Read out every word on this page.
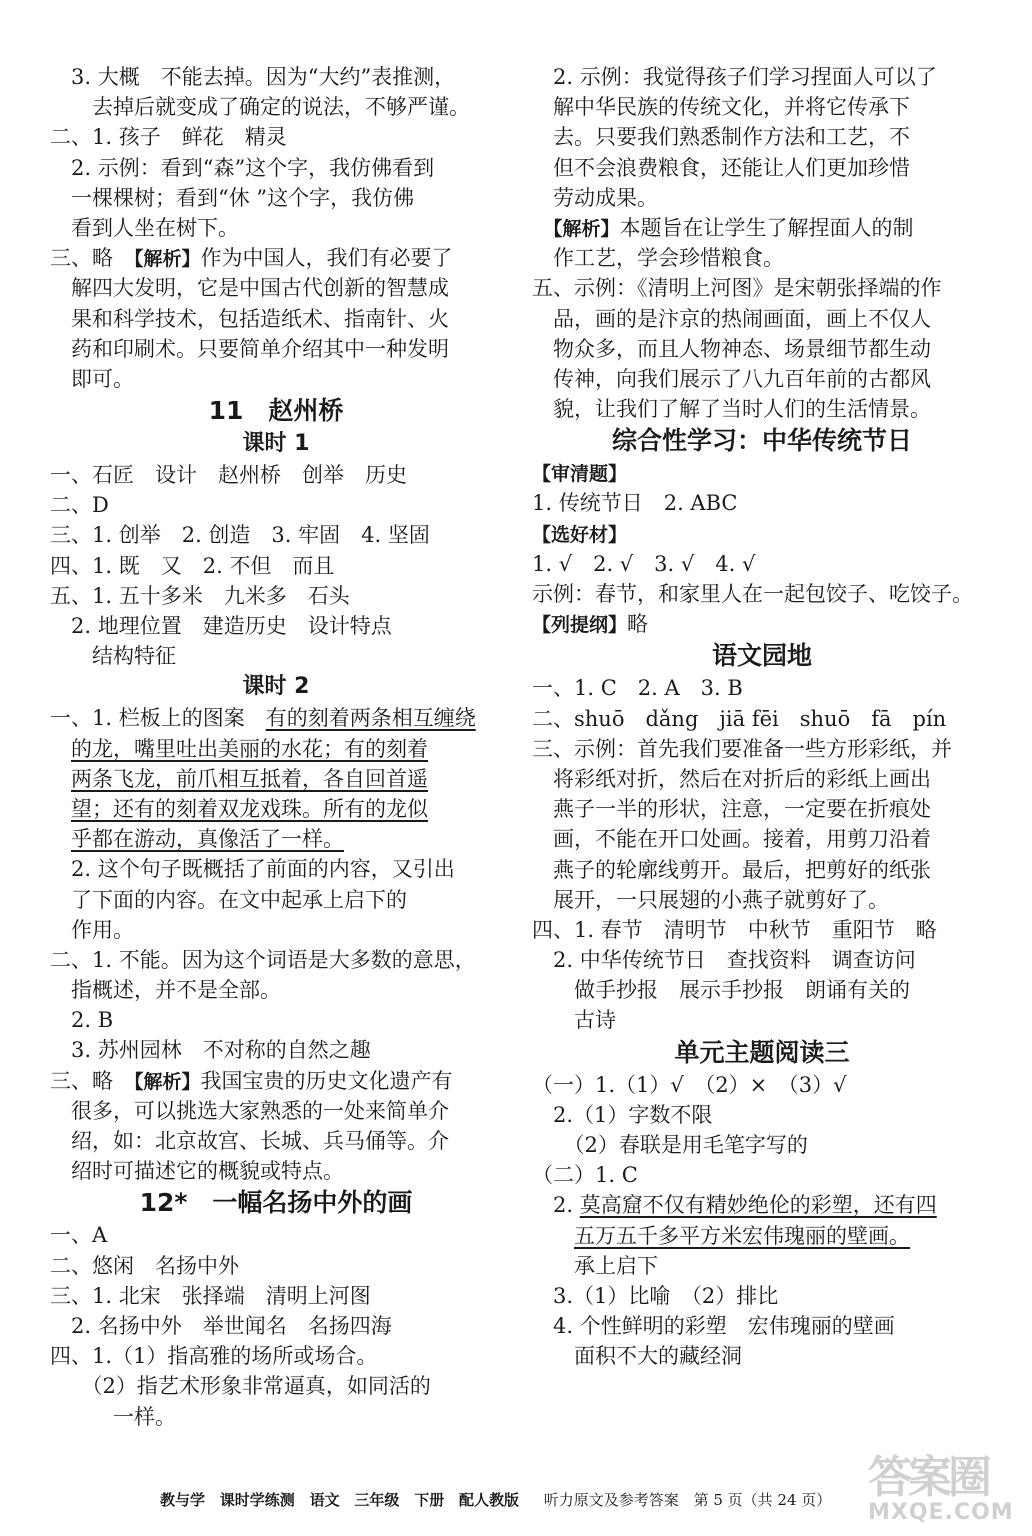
　3. 大概　不能去掉。因为“大约”表推测，
　　去掉后就变成了确定的说法，不够严谨。
二、1. 孩子　鲜花　精灵
　2. 示例：看到“森”这个字，我仿佛看到
　一棵棵树；看到“休 ”这个字，我仿佛
　看到人坐在树下。
三、略　【解析】作为中国人，我们有必要了
　解四大发明，它是中国古代创新的智慧成
　果和科学技术，包括造纸术、指南针、火
　药和印刷术。只要简单介绍其中一种发明
　即可。
11　赵州桥
课时 1
一、石匠　设计　赵州桥　创举　历史
二、D
三、1. 创举　2. 创造　3. 牢固　4. 坚固
四、1. 既　又　2. 不但　而且
五、1. 五十多米　九米多　石头
　2. 地理位置　建造历史　设计特点
　　结构特征
课时 2
一、1. 栏板上的图案　有的刻着两条相互缠绕
　的龙，嘴里吐出美丽的水花；有的刻着
　两条飞龙，前爪相互抵着，各自回首遥
　望；还有的刻着双龙戏珠。所有的龙似
　乎都在游动，真像活了一样。
　2. 这个句子既概括了前面的内容，又引出
　了下面的内容。在文中起承上启下的
　作用。
二、1. 不能。因为这个词语是大多数的意思，
　指概述，并不是全部。
　2. B
　3. 苏州园林　不对称的自然之趣
三、略　【解析】我国宝贵的历史文化遗产有
　很多，可以挑选大家熟悉的一处来简单介
　绍，如：北京故宫、长城、兵马俑等。介
　绍时可描述它的概貌或特点。
12*　一幅名扬中外的画
一、A
二、悠闲　名扬中外
三、1. 北宋　张择端　清明上河图
　2. 名扬中外　举世闻名　名扬四海
四、1.（1）指高雅的场所或场合。
　　（2）指艺术形象非常逼真，如同活的
　　　一样。
　2. 示例：我觉得孩子们学习捏面人可以了
　解中华民族的传统文化，并将它传承下
　去。只要我们熟悉制作方法和工艺，不
　但不会浪费粮食，还能让人们更加珍惜
　劳动成果。
　【解析】本题旨在让学生了解捏面人的制
　作工艺，学会珍惜粮食。
五、示例：《清明上河图》是宋朝张择端的作
　品，画的是汴京的热闹画面，画上不仅人
　物众多，而且人物神态、场景细节都生动
　传神，向我们展示了八九百年前的古都风
　貌，让我们了解了当时人们的生活情景。
综合性学习：中华传统节日
【审清题】
1. 传统节日　2. ABC
【选好材】
1. √　2. √　3. √　4. √
示例：春节，和家里人在一起包饺子、吃饺子。
【列提纲】略
语文园地
一、1. C　2. A　3. B
二、shuō　dǎng　jiā fēi　shuō　fā　pín
三、示例：首先我们要准备一些方形彩纸，并
　将彩纸对折，然后在对折后的彩纸上画出
　燕子一半的形状，注意，一定要在折痕处
　画，不能在开口处画。接着，用剪刀沿着
　燕子的轮廓线剪开。最后，把剪好的纸张
　展开，一只展翅的小燕子就剪好了。
四、1. 春节　清明节　中秋节　重阳节　略
　2. 中华传统节日　查找资料　调查访问
　　做手抄报　展示手抄报　朗诵有关的
　　古诗
单元主题阅读三
（一）1.（1）√　（2）×　（3）√
　2.（1）字数不限
　　（2）春联是用毛笔字写的
（二）1. C
　2. 莫高窟不仅有精妙绝伦的彩塑，还有四
　　五万五千多平方米宏伟瑰丽的壁画。
　　承上启下
　3.（1）比喻　（2）排比
　4. 个性鲜明的彩塑　宏伟瑰丽的壁画
　　面积不大的藏经洞
教与学 课时学练测 语文 三年级 下册 配人教版 听力原文及参考答案 第 5 页（共 24 页） 答案圈
MXQE.COM
